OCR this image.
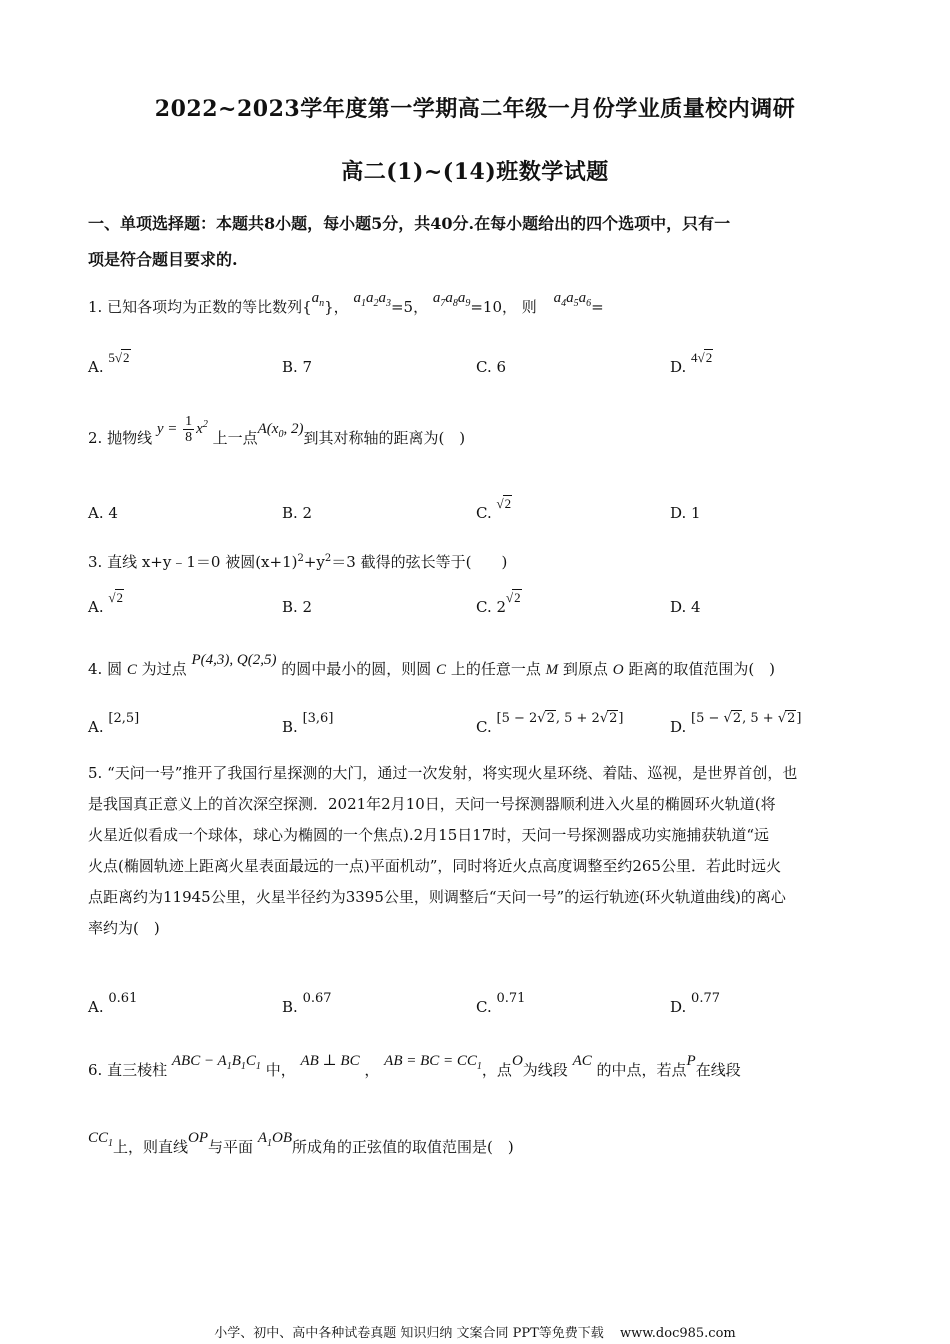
2022~2023学年度第一学期高二年级一月份学业质量校内调研
高二(1)~(14)班数学试题
一、单项选择题：本题共8小题，每小题5分，共40分.在每小题给出的四个选项中，只有一
项是符合题目要求的.
1. 已知各项均为正数的等比数列$\{a_n\}$， $a_1a_2a_3=5$， $a_7a_8a_9=10$， 则 $a_4a_5a_6=$
A. 5√2
B. 7	C. 6	D. 4√2
2. 抛物线 $y = \frac{1}{8} x^2$ 上一点$A(x_0$, 2)到其对称轴的距离为(　)
A. 4	B. 2	C. √2
D. 1
3. 直线 x+y﹣1＝0 被圆$(x+1)^2+y^2=3$ 截得的弦长等于(　　)
A. √2
B. 2	C. 2√2
D. 4
4. 圆 C 为过点 P(4,3), Q(2,5) 的圆中最小的圆，则圆 C 上的任意一点 M 到原点 O 距离的取值范围为(　)
A. [2,5]	B. [3,6]	C. [5 − 2√2, 5 + 2√2]	D. [5 − √2, 5 + √2]
5. “天问一号”推开了我国行星探测的大门，通过一次发射，将实现火星环绕、着陆、巡视，是世界首创，也
是我国真正意义上的首次深空探测．2021年2月10日，天问一号探测器顺利进入火星的椭圆环火轨道(将
火星近似看成一个球体，球心为椭圆的一个焦点).2月15日17时，天问一号探测器成功实施捕获轨道“远
火点(椭圆轨迹上距离火星表面最远的一点)平面机动”，同时将近火点高度调整至约265公里．若此时远火
点距离约为11945公里，火星半径约为3395公里，则调整后“天问一号”的运行轨迹(环火轨道曲线)的离心
率约为(　)
A. 0.61	B. 0.67	C. 0.71	D. 0.77
6. 直三棱柱 ABC − $A_1B_1C_1$ 中， AB ⊥ BC ， AB = BC = $CC_1$，点O为线段 AC 的中点，若点P在线段
$CC_1$上，则直线OP与平面 $A_1OB$所成角的正弦值的取值范围是(　)
小学、初中、高中各种试卷真题 知识归纳 文案合同 PPT等免费下载 www.doc985.com
